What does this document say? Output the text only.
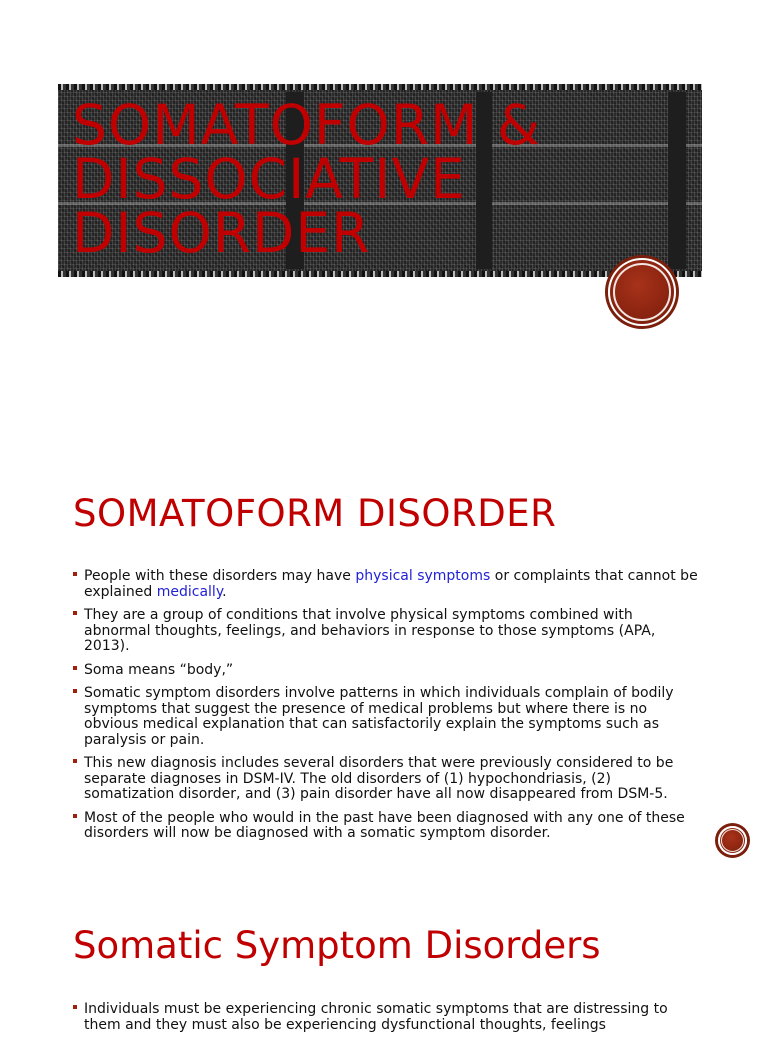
SOMATOFORM & DISSOCIATIVE DISORDER
SOMATOFORM DISORDER
People with these disorders may have physical symptoms or complaints that cannot be explained medically.
They are a group of conditions that involve physical symptoms combined with abnormal thoughts, feelings, and behaviors in response to those symptoms (APA, 2013).
Soma means “body,”
Somatic symptom disorders involve patterns in which individuals complain of bodily symptoms that suggest the presence of medical problems but where there is no obvious medical explanation that can satisfactorily explain the symptoms such as paralysis or pain.
This new diagnosis includes several disorders that were previously considered to be separate diagnoses in DSM-IV. The old disorders of (1) hypochondriasis, (2) somatization disorder, and (3) pain disorder have all now disappeared from DSM-5.
Most of the people who would in the past have been diagnosed with any one of these disorders will now be diagnosed with a somatic symptom disorder.
Somatic Symptom Disorders
Individuals must be experiencing chronic somatic symptoms that are distressing to them and they must also be experiencing dysfunctional thoughts, feelings
